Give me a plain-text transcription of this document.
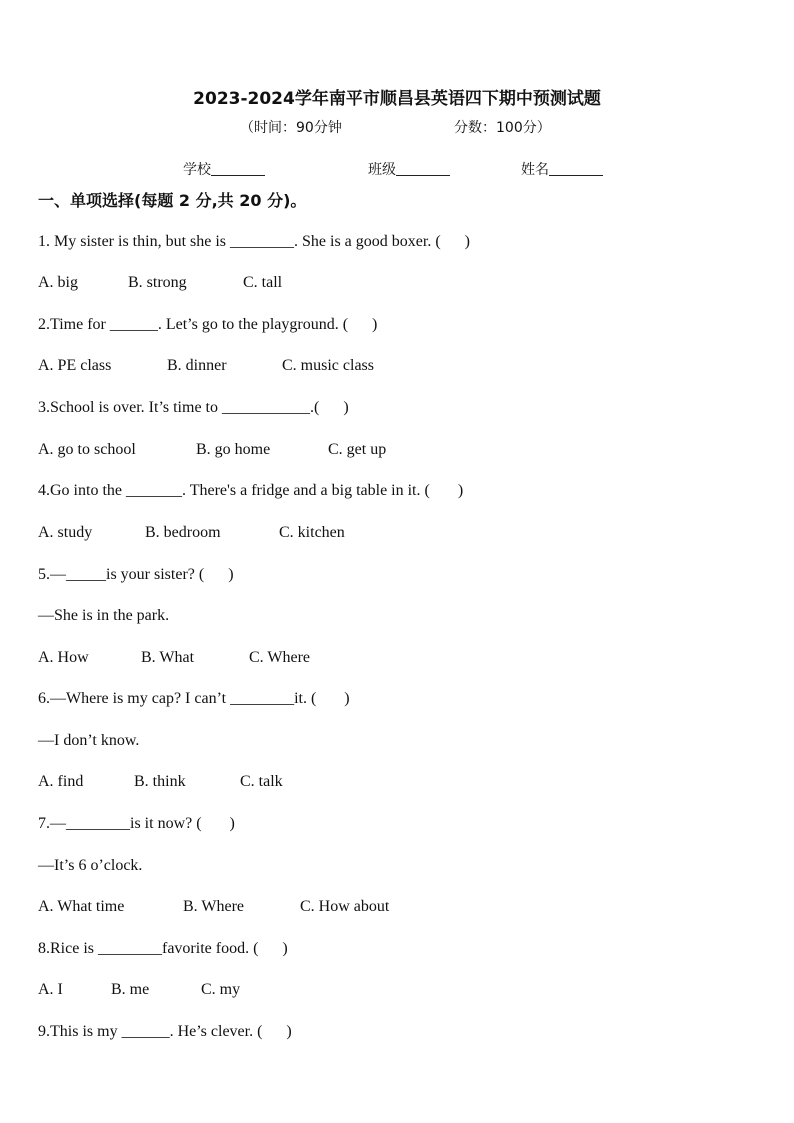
2023-2024学年南平市顺昌县英语四下期中预测试题
（时间：90分钟	分数：100分）
学校	班级	姓名
一、单项选择(每题 2 分,共 20 分)。
1. My sister is thin, but she is ________. She is a good boxer. (      )
A. big	B. strong	C. tall
2.Time for ______. Let’s go to the playground. (      )
A. PE class	B. dinner	C. music class
3.School is over. It’s time to ___________.(      )
A. go to school	B. go home	C. get up
4.Go into the _______. There's a fridge and a big table in it. (       )
A. study	B. bedroom	C. kitchen
5.—_____is your sister? (      )
—She is in the park.
A. How	B. What	C. Where
6.—Where is my cap? I can’t ________it. (       )
—I don’t know.
A. find	B. think	C. talk
7.—________is it now? (       )
—It’s 6 o’clock.
A. What time	B. Where	C. How about
8.Rice is ________favorite food. (      )
A. I	B. me	C. my
9.This is my ______. He’s clever. (      )
